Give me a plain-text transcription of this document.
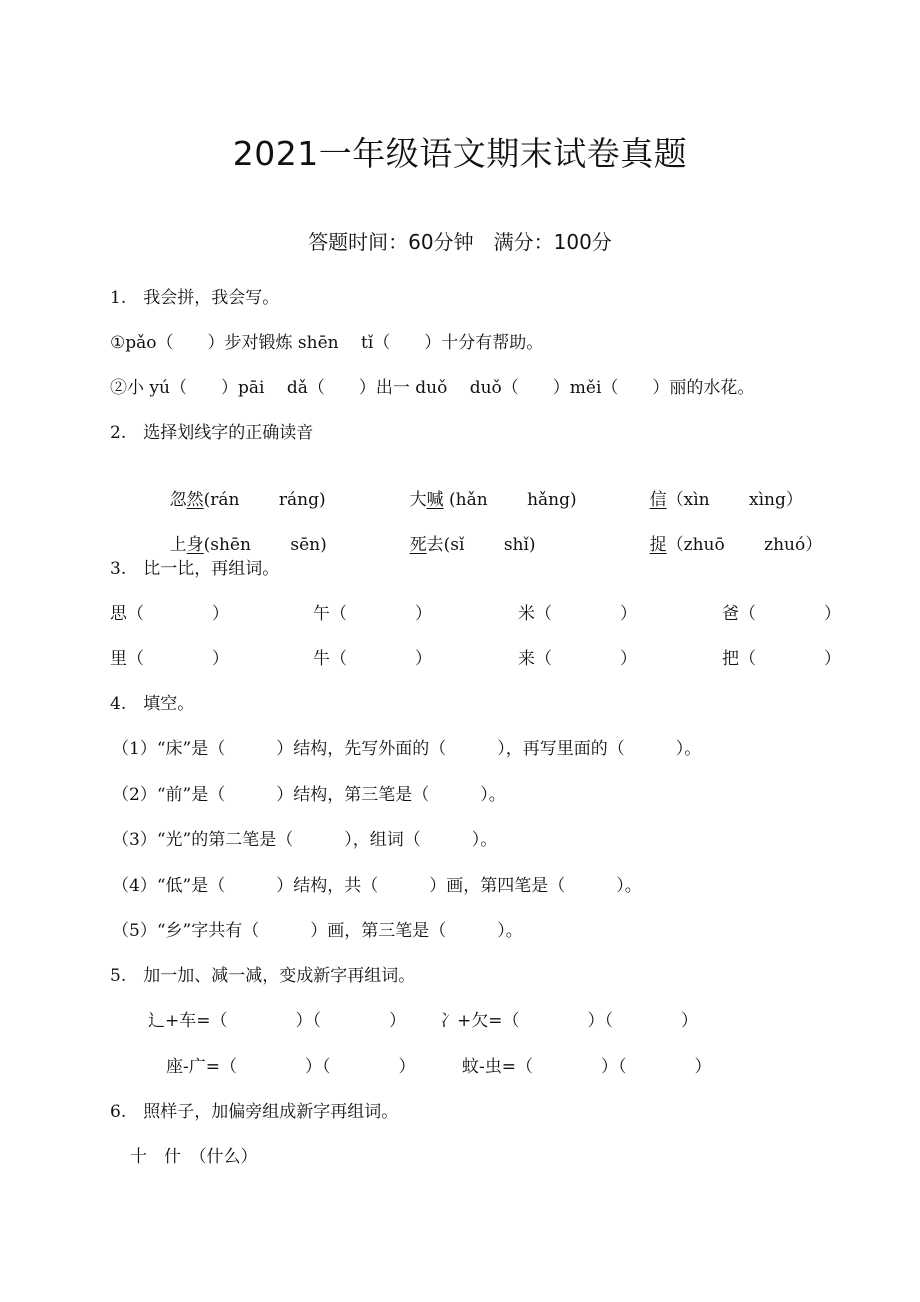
2021一年级语文期末试卷真题
答题时间：60分钟　满分：100分
1.　我会拼，我会写。
①pǎo（　　）步对锻炼 shēn　 tǐ（　　）十分有帮助。
②小 yú（　　）pāi　 dǎ（　　）出一 duǒ　 duǒ（　　）měi（　　）丽的水花。
2.　选择划线字的正确读音

忽然(rán　　 ráng)
	大喊 (hǎn　　 hǎng)
	信（xìn　　 xìng）

上身(shēn　　 sēn)
	死去(sǐ　　 shǐ)
	捉（zhuō　　 zhuó）

3.　比一比，再组词。
思（　　　　）	午（　　　　）	米（　　　　）	爸（　　　　）
里（　　　　）	牛（　　　　）	来（　　　　）	把（　　　　）
4.　填空。
（1）“床”是（　　　）结构，先写外面的（　　　），再写里面的（　　　）。
（2）“前”是（　　　）结构，第三笔是（　　　）。
（3）“光”的第二笔是（　　　），组词（　　　）。
（4）“低”是（　　　）结构，共（　　　）画，第四笔是（　　　）。
（5）“乡”字共有（　　　）画，第三笔是（　　　）。
5.　加一加、减一减，变成新字再组词。
辶+车=（　　　　）（　　　　） 冫+欠=（　　　　）（　　　　）
座-广=（　　　　）（　　　　）	蚊-虫=（　　　　）（　　　　）
6.　照样子，加偏旁组成新字再组词。
十　什　（什么）
